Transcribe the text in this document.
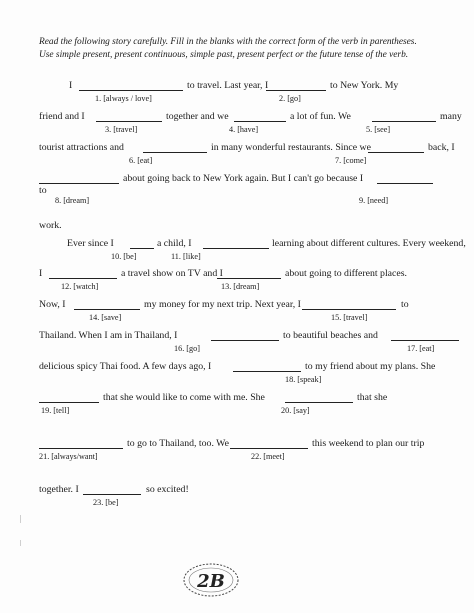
Read the following story carefully. Fill in the blanks with the correct form of the verb in parentheses.
Use simple present, present continuous, simple past, present perfect or the future tense of the verb.
I	to travel. Last year, I	to New York. My
1. [always / love]	2. [go]
friend and I	together and we	a lot of fun. We	many
3. [travel]	4. [have]	5. [see]
tourist attractions and	in many wonderful restaurants. Since we	back, I
6. [eat]	7. [come]
about going back to New York again. But I can't go because I
to
8. [dream]	9. [need]
work.
Ever since I	a child, I	learning about different cultures. Every weekend,
10. [be]	11. [like]
I	a travel show on TV and I	about going to different places.
12. [watch]	13. [dream]
Now, I	my money for my next trip. Next year, I	to
14. [save]	15. [travel]
Thailand. When I am in Thailand, I	to beautiful beaches and
16. [go]	17. [eat]
delicious spicy Thai food. A few days ago, I	to my friend about my plans. She
18. [speak]
that she would like to come with me. She	that she
19. [tell]	20. [say]
to go to Thailand, too. We	this weekend to plan our trip
21. [always/want]	22. [meet]
together. I	so excited!
23. [be]
2B
